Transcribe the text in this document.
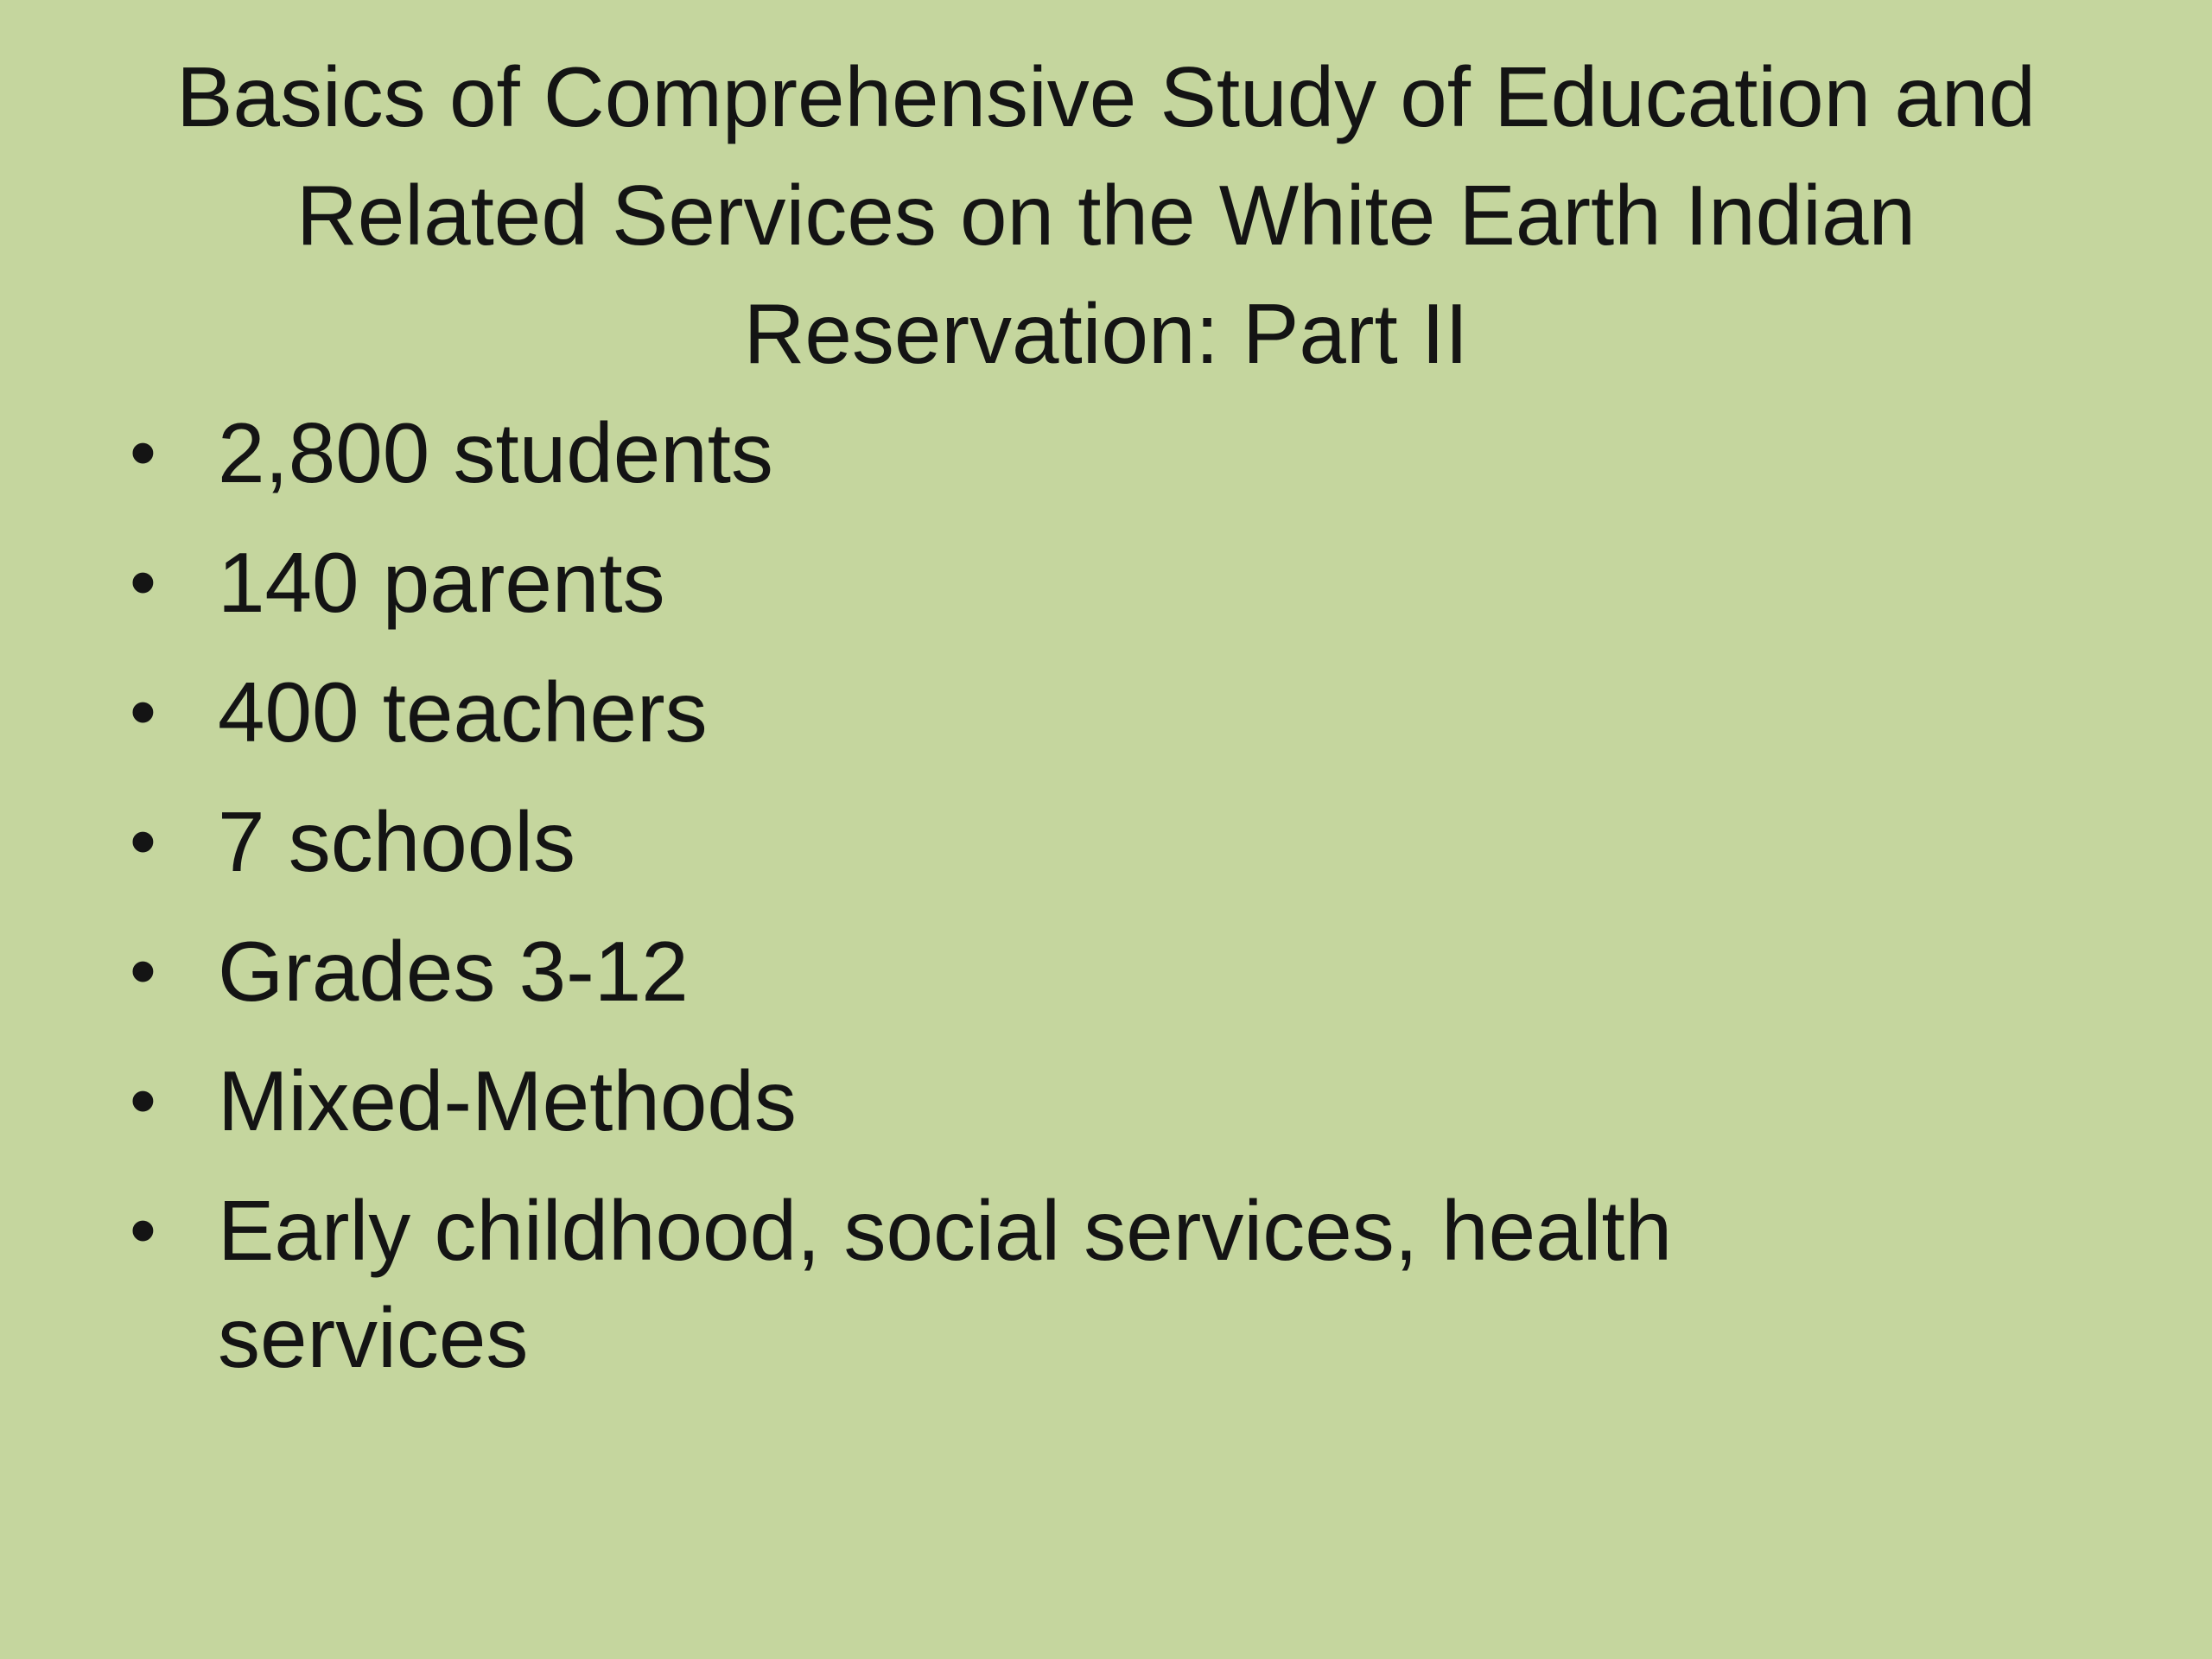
Basics of Comprehensive Study of Education and Related Services on the White Earth Indian Reservation: Part II
• 2,800 students
• 140 parents
• 400 teachers
• 7 schools
• Grades 3-12
• Mixed-Methods
• Early childhood, social services, health services
